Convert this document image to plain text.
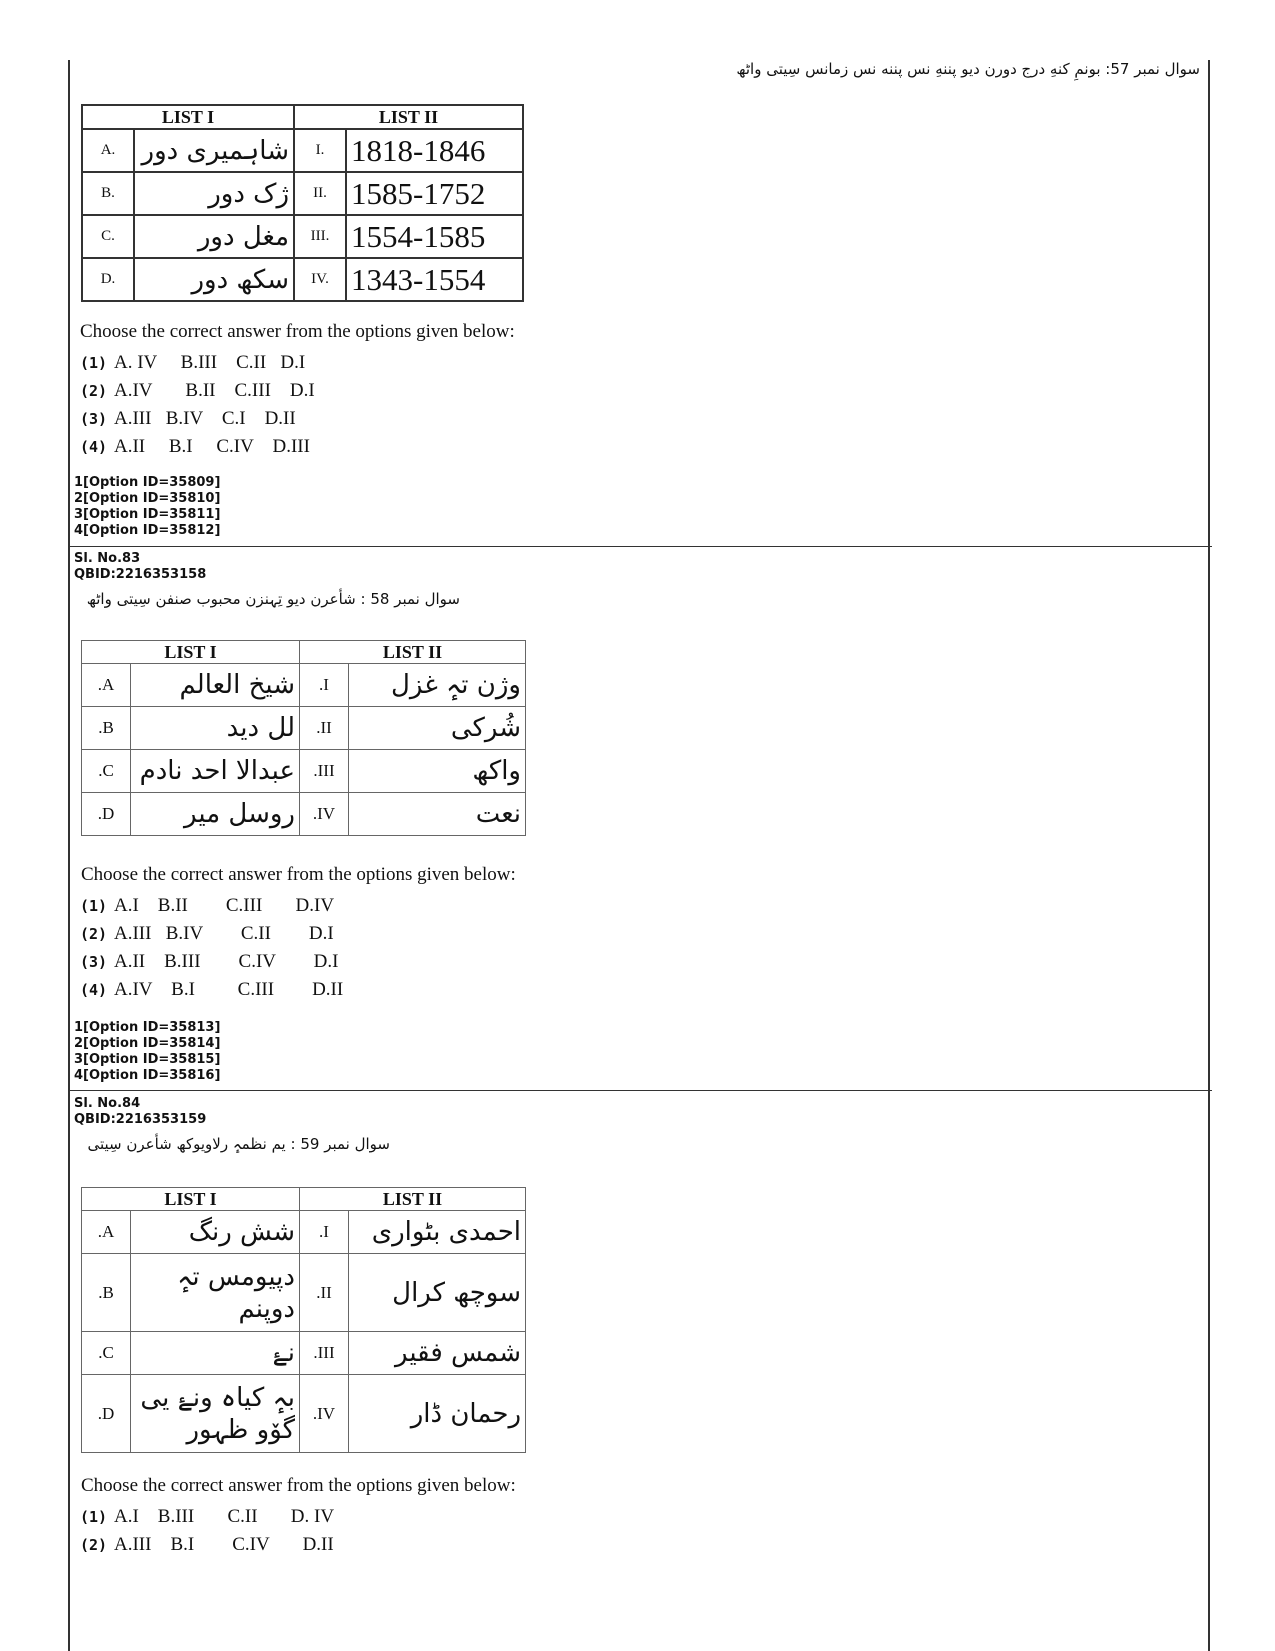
سوال نمبر 57: بونمِ کنهِ درج دورن دیو پننهِ نس پننه نس زمانس سِیتی واٹھ
LIST I		LIST II	
A.	شاہمیری دور	I.	1818-1846
B.	ژک دور	II.	1585-1752
C.	مغل دور	III.	1554-1585
D.	سکھ دور	IV.	1343-1554
Choose the correct answer from the options given below:
(1) A. IV     B.III    C.II   D.I
(2) A.IV       B.II    C.III    D.I
(3) A.III   B.IV    C.I    D.II
(4) A.II     B.I     C.IV    D.III
1[Option ID=35809]
2[Option ID=35810]
3[Option ID=35811]
4[Option ID=35812]
Sl. No.83
QBID:2216353158
سوال نمبر 58 : شأعرن دیو تِہنزن محبوب صنفن سِیتی واٹھ
LIST I		LIST II	
.A	شیخ العالم	.I	وژن تہٕ غزل
.B	لل دید	.II	شُرکی
.C	عبدالا احد نادم	.III	واکھ
.D	روسل میر	.IV	نعت
Choose the correct answer from the options given below:
(1) A.I    B.II        C.III       D.IV
(2) A.III   B.IV        C.II        D.I
(3) A.II    B.III        C.IV        D.I
(4) A.IV    B.I         C.III        D.II
1[Option ID=35813]
2[Option ID=35814]
3[Option ID=35815]
4[Option ID=35816]
Sl. No.84
QBID:2216353159
سوال نمبر 59 : یم نظمہٕ رلاویوکھ شأعرن سِیتی
LIST I		LIST II	
.A	شش رنگ	.I	احمدی بٹواری
.B	دپیومس تہٕ دوپنم	.II	سوچھ کرال
.C	نۓ	.III	شمس فقیر
.D	بہٕ کیاہ ونۓ یی گۆو ظہور	.IV	رحمان ڈار
Choose the correct answer from the options given below:
(1) A.I    B.III       C.II       D. IV
(2) A.III    B.I        C.IV       D.II
